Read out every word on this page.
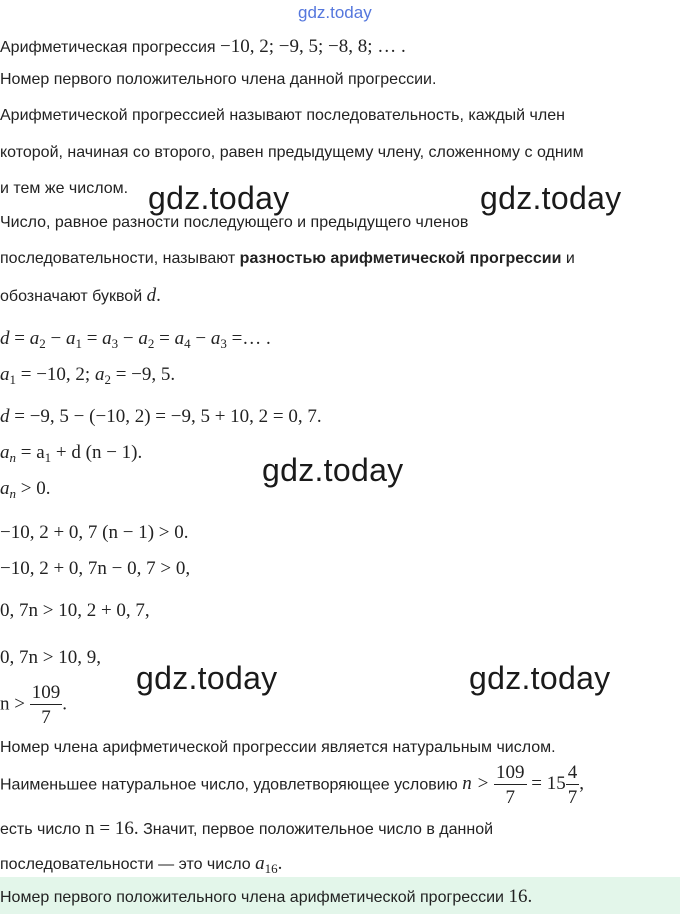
gdz.today
Арифметическая прогрессия −10, 2; −9, 5; −8, 8; … .
Номер первого положительного члена данной прогрессии.
Арифметической прогрессией называют последовательность, каждый член
которой, начиная со второго, равен предыдущему члену, сложенному с одним
и тем же числом. gdz.today	gdz.today
Число, равное разности последующего и предыдущего членов
последовательности, называют разностью арифметической прогрессии и
обозначают буквой d.
$d = a_2 - a_1 = a_3 - a_2 = a_4 - a_3$ =… .
$a_1 = -10$, 2; $a_2 = -9$, 5.
d = −9, 5 − (−10, 2) = −9, 5 + 10, 2 = 0, 7.
$a_n = a_1 + d$ (n − 1).	gdz.today
$a_n > 0$.
−10, 2 + 0, 7 (n − 1) > 0.
−10, 2 + 0, 7n − 0, 7 > 0,
0, 7n > 10, 2 + 0, 7,
0, 7n > 10, 9,
gdz.today	gdz.today
$n > \frac{109}{7}$ .
Номер члена арифметической прогрессии является натуральным числом.
Наименьшее натуральное число, удовлетворяющее условию $n > \frac{109}{7} = 15 \frac{4}{7}$ ,
есть число n = 16. Значит, первое положительное число в данной
последовательности — это число $a_{16}$.
Номер первого положительного члена арифметической прогрессии 16.
